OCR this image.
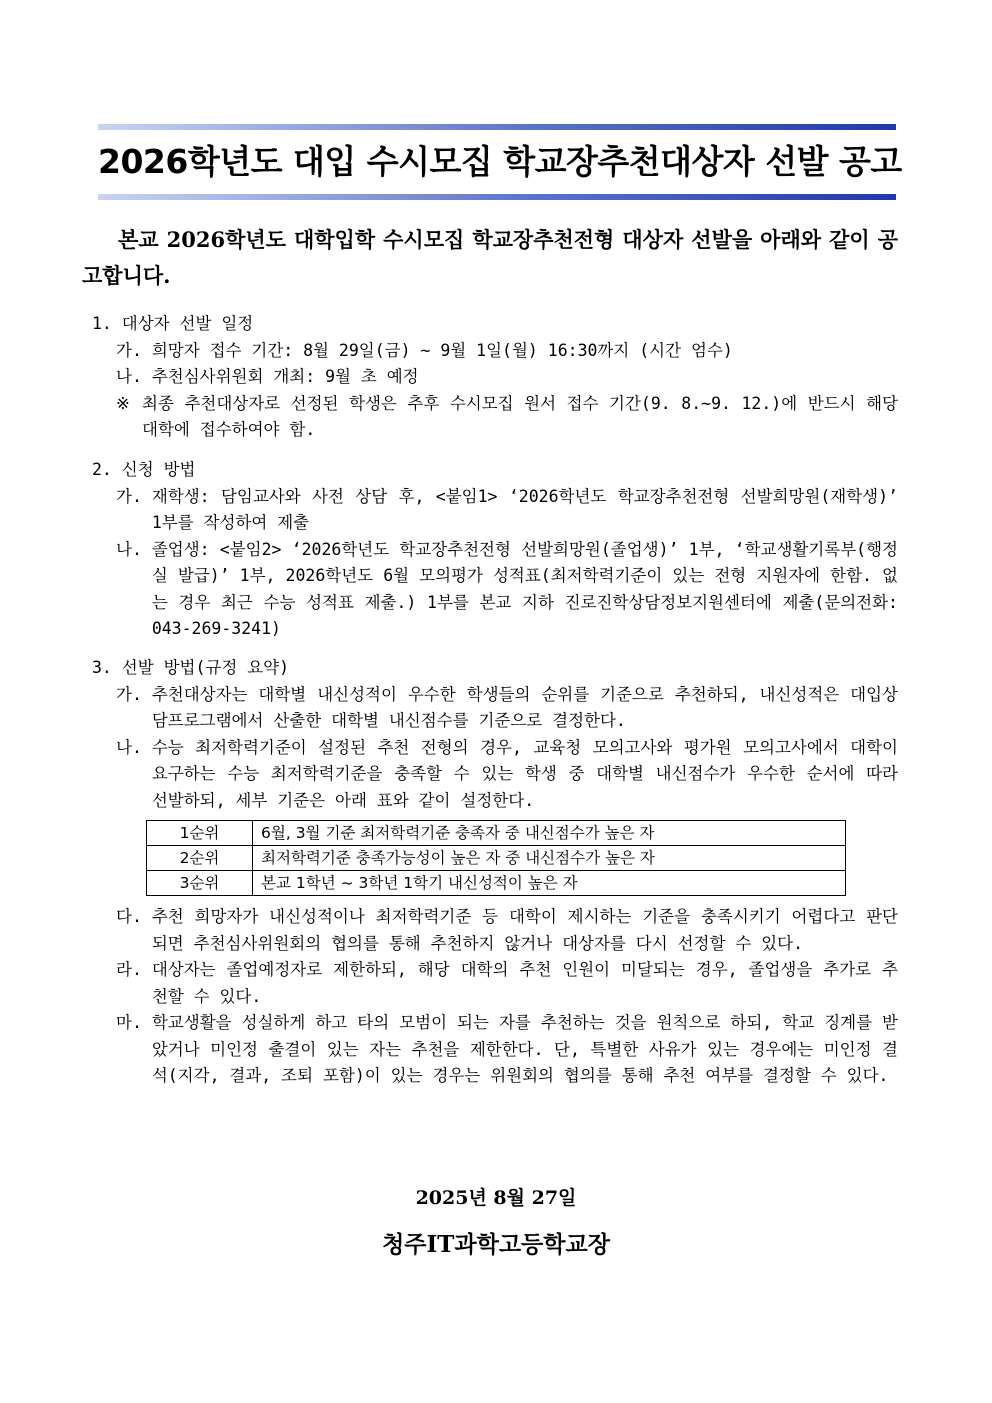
2026학년도 대입 수시모집 학교장추천대상자 선발 공고
본교 2026학년도 대학입학 수시모집 학교장추천전형 대상자 선발을 아래와 같이 공고합니다.
1. 대상자 선발 일정
가. 희망자 접수 기간: 8월 29일(금) ~ 9월 1일(월) 16:30까지 (시간 엄수)
나. 추천심사위원회 개최: 9월 초 예정
※ 최종 추천대상자로 선정된 학생은 추후 수시모집 원서 접수 기간(9. 8.~9. 12.)에 반드시 해당 대학에 접수하여야 함.
2. 신청 방법
가. 재학생: 담임교사와 사전 상담 후, <붙임1> ‘2026학년도 학교장추천전형 선발희망원(재학생)’ 1부를 작성하여 제출
나. 졸업생: <붙임2> ‘2026학년도 학교장추천전형 선발희망원(졸업생)’ 1부, ‘학교생활기록부(행정실 발급)’ 1부, 2026학년도 6월 모의평가 성적표(최저학력기준이 있는 전형 지원자에 한함. 없는 경우 최근 수능 성적표 제출.) 1부를 본교 지하 진로진학상담정보지원센터에 제출(문의전화: 043-269-3241)
3. 선발 방법(규정 요약)
가. 추천대상자는 대학별 내신성적이 우수한 학생들의 순위를 기준으로 추천하되, 내신성적은 대입상담프로그램에서 산출한 대학별 내신점수를 기준으로 결정한다.
나. 수능 최저학력기준이 설정된 추천 전형의 경우, 교육청 모의고사와 평가원 모의고사에서 대학이 요구하는 수능 최저학력기준을 충족할 수 있는 학생 중 대학별 내신점수가 우수한 순서에 따라 선발하되, 세부 기준은 아래 표와 같이 설정한다.
1순위	6월, 3월 기준 최저학력기준 충족자 중 내신점수가 높은 자
2순위	최저학력기준 충족가능성이 높은 자 중 내신점수가 높은 자
3순위	본교 1학년 ~ 3학년 1학기 내신성적이 높은 자
다. 추천 희망자가 내신성적이나 최저학력기준 등 대학이 제시하는 기준을 충족시키기 어렵다고 판단되면 추천심사위원회의 협의를 통해 추천하지 않거나 대상자를 다시 선정할 수 있다.
라. 대상자는 졸업예정자로 제한하되, 해당 대학의 추천 인원이 미달되는 경우, 졸업생을 추가로 추천할 수 있다.
마. 학교생활을 성실하게 하고 타의 모범이 되는 자를 추천하는 것을 원칙으로 하되, 학교 징계를 받았거나 미인정 출결이 있는 자는 추천을 제한한다. 단, 특별한 사유가 있는 경우에는 미인정 결석(지각, 결과, 조퇴 포함)이 있는 경우는 위원회의 협의를 통해 추천 여부를 결정할 수 있다.
2025년 8월 27일
청주IT과학고등학교장
